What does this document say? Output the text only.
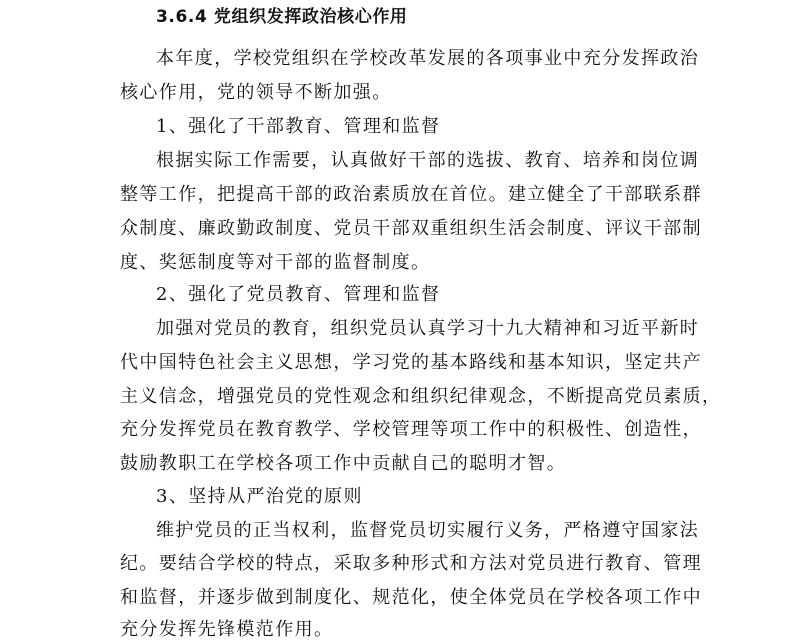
3.6.4 党组织发挥政治核心作用
本年度，学校党组织在学校改革发展的各项事业中充分发挥政治
核心作用，党的领导不断加强。
1、强化了干部教育、管理和监督
根据实际工作需要，认真做好干部的选拔、教育、培养和岗位调
整等工作，把提高干部的政治素质放在首位。建立健全了干部联系群
众制度、廉政勤政制度、党员干部双重组织生活会制度、评议干部制
度、奖惩制度等对干部的监督制度。
2、强化了党员教育、管理和监督
加强对党员的教育，组织党员认真学习十九大精神和习近平新时
代中国特色社会主义思想，学习党的基本路线和基本知识，坚定共产
主义信念，增强党员的党性观念和组织纪律观念，不断提高党员素质，
充分发挥党员在教育教学、学校管理等项工作中的积极性、创造性，
鼓励教职工在学校各项工作中贡献自己的聪明才智。
3、坚持从严治党的原则
维护党员的正当权利，监督党员切实履行义务，严格遵守国家法
纪。要结合学校的特点，采取多种形式和方法对党员进行教育、管理
和监督，并逐步做到制度化、规范化，使全体党员在学校各项工作中
充分发挥先锋模范作用。
